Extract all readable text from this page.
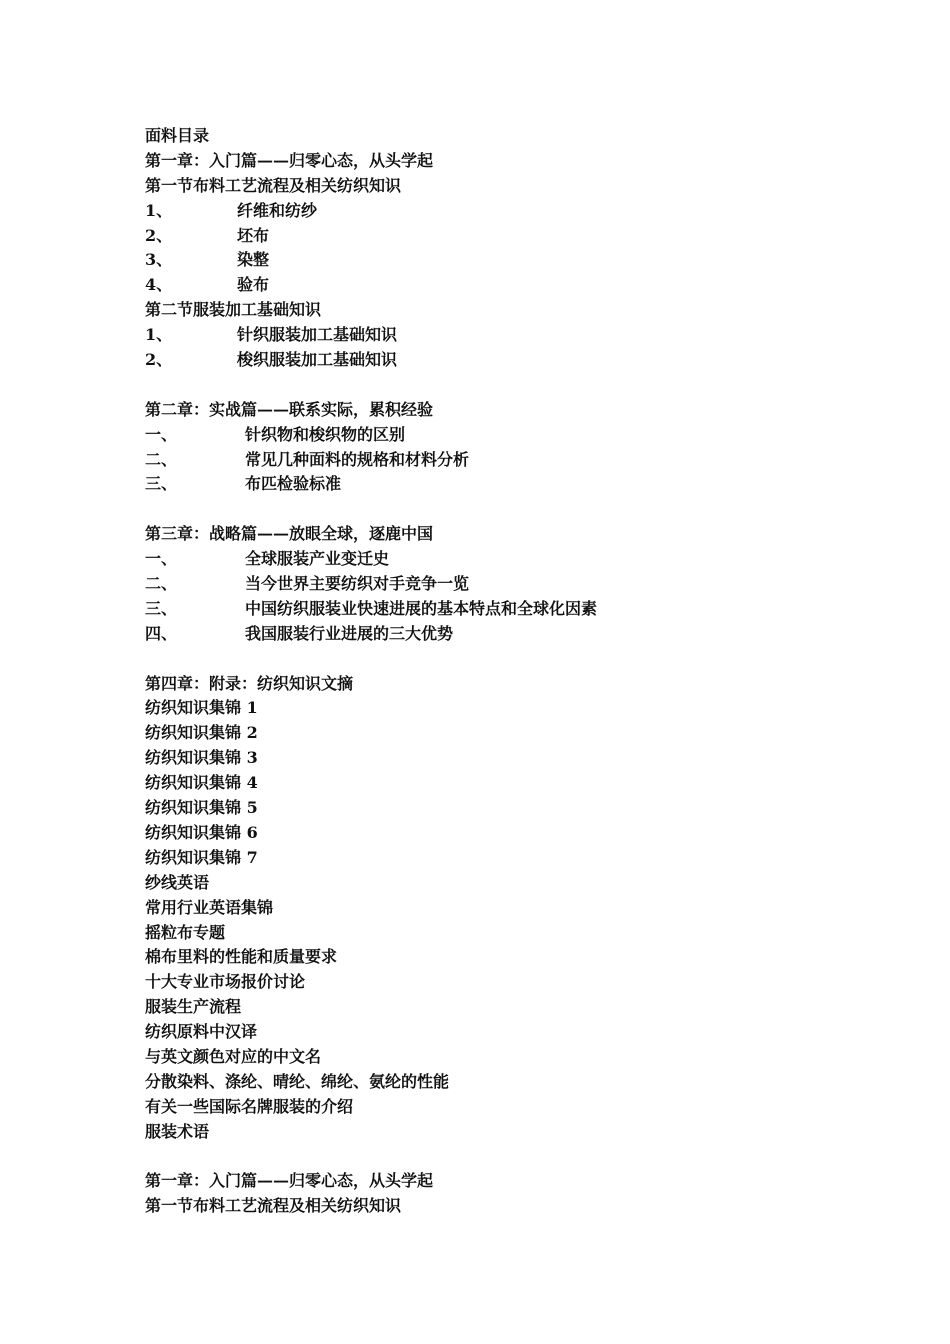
面料目录
第一章：入门篇——归零心态，从头学起
第一节布料工艺流程及相关纺织知识
1、	纤维和纺纱
2、	坯布
3、	染整
4、	验布
第二节服装加工基础知识
1、	针织服装加工基础知识
2、	梭织服装加工基础知识
第二章：实战篇——联系实际，累积经验
一、	针织物和梭织物的区别
二、	常见几种面料的规格和材料分析
三、	布匹检验标准
第三章：战略篇——放眼全球，逐鹿中国
一、	全球服装产业变迁史
二、	当今世界主要纺织对手竞争一览
三、	中国纺织服装业快速进展的基本特点和全球化因素
四、	我国服装行业进展的三大优势
第四章：附录：纺织知识文摘
纺织知识集锦 1
纺织知识集锦 2
纺织知识集锦 3
纺织知识集锦 4
纺织知识集锦 5
纺织知识集锦 6
纺织知识集锦 7
纱线英语
常用行业英语集锦
摇粒布专题
棉布里料的性能和质量要求
十大专业市场报价讨论
服装生产流程
纺织原料中汉译
与英文颜色对应的中文名
分散染料、涤纶、晴纶、绵纶、氨纶的性能
有关一些国际名牌服装的介绍
服装术语
第一章：入门篇——归零心态，从头学起
第一节布料工艺流程及相关纺织知识
